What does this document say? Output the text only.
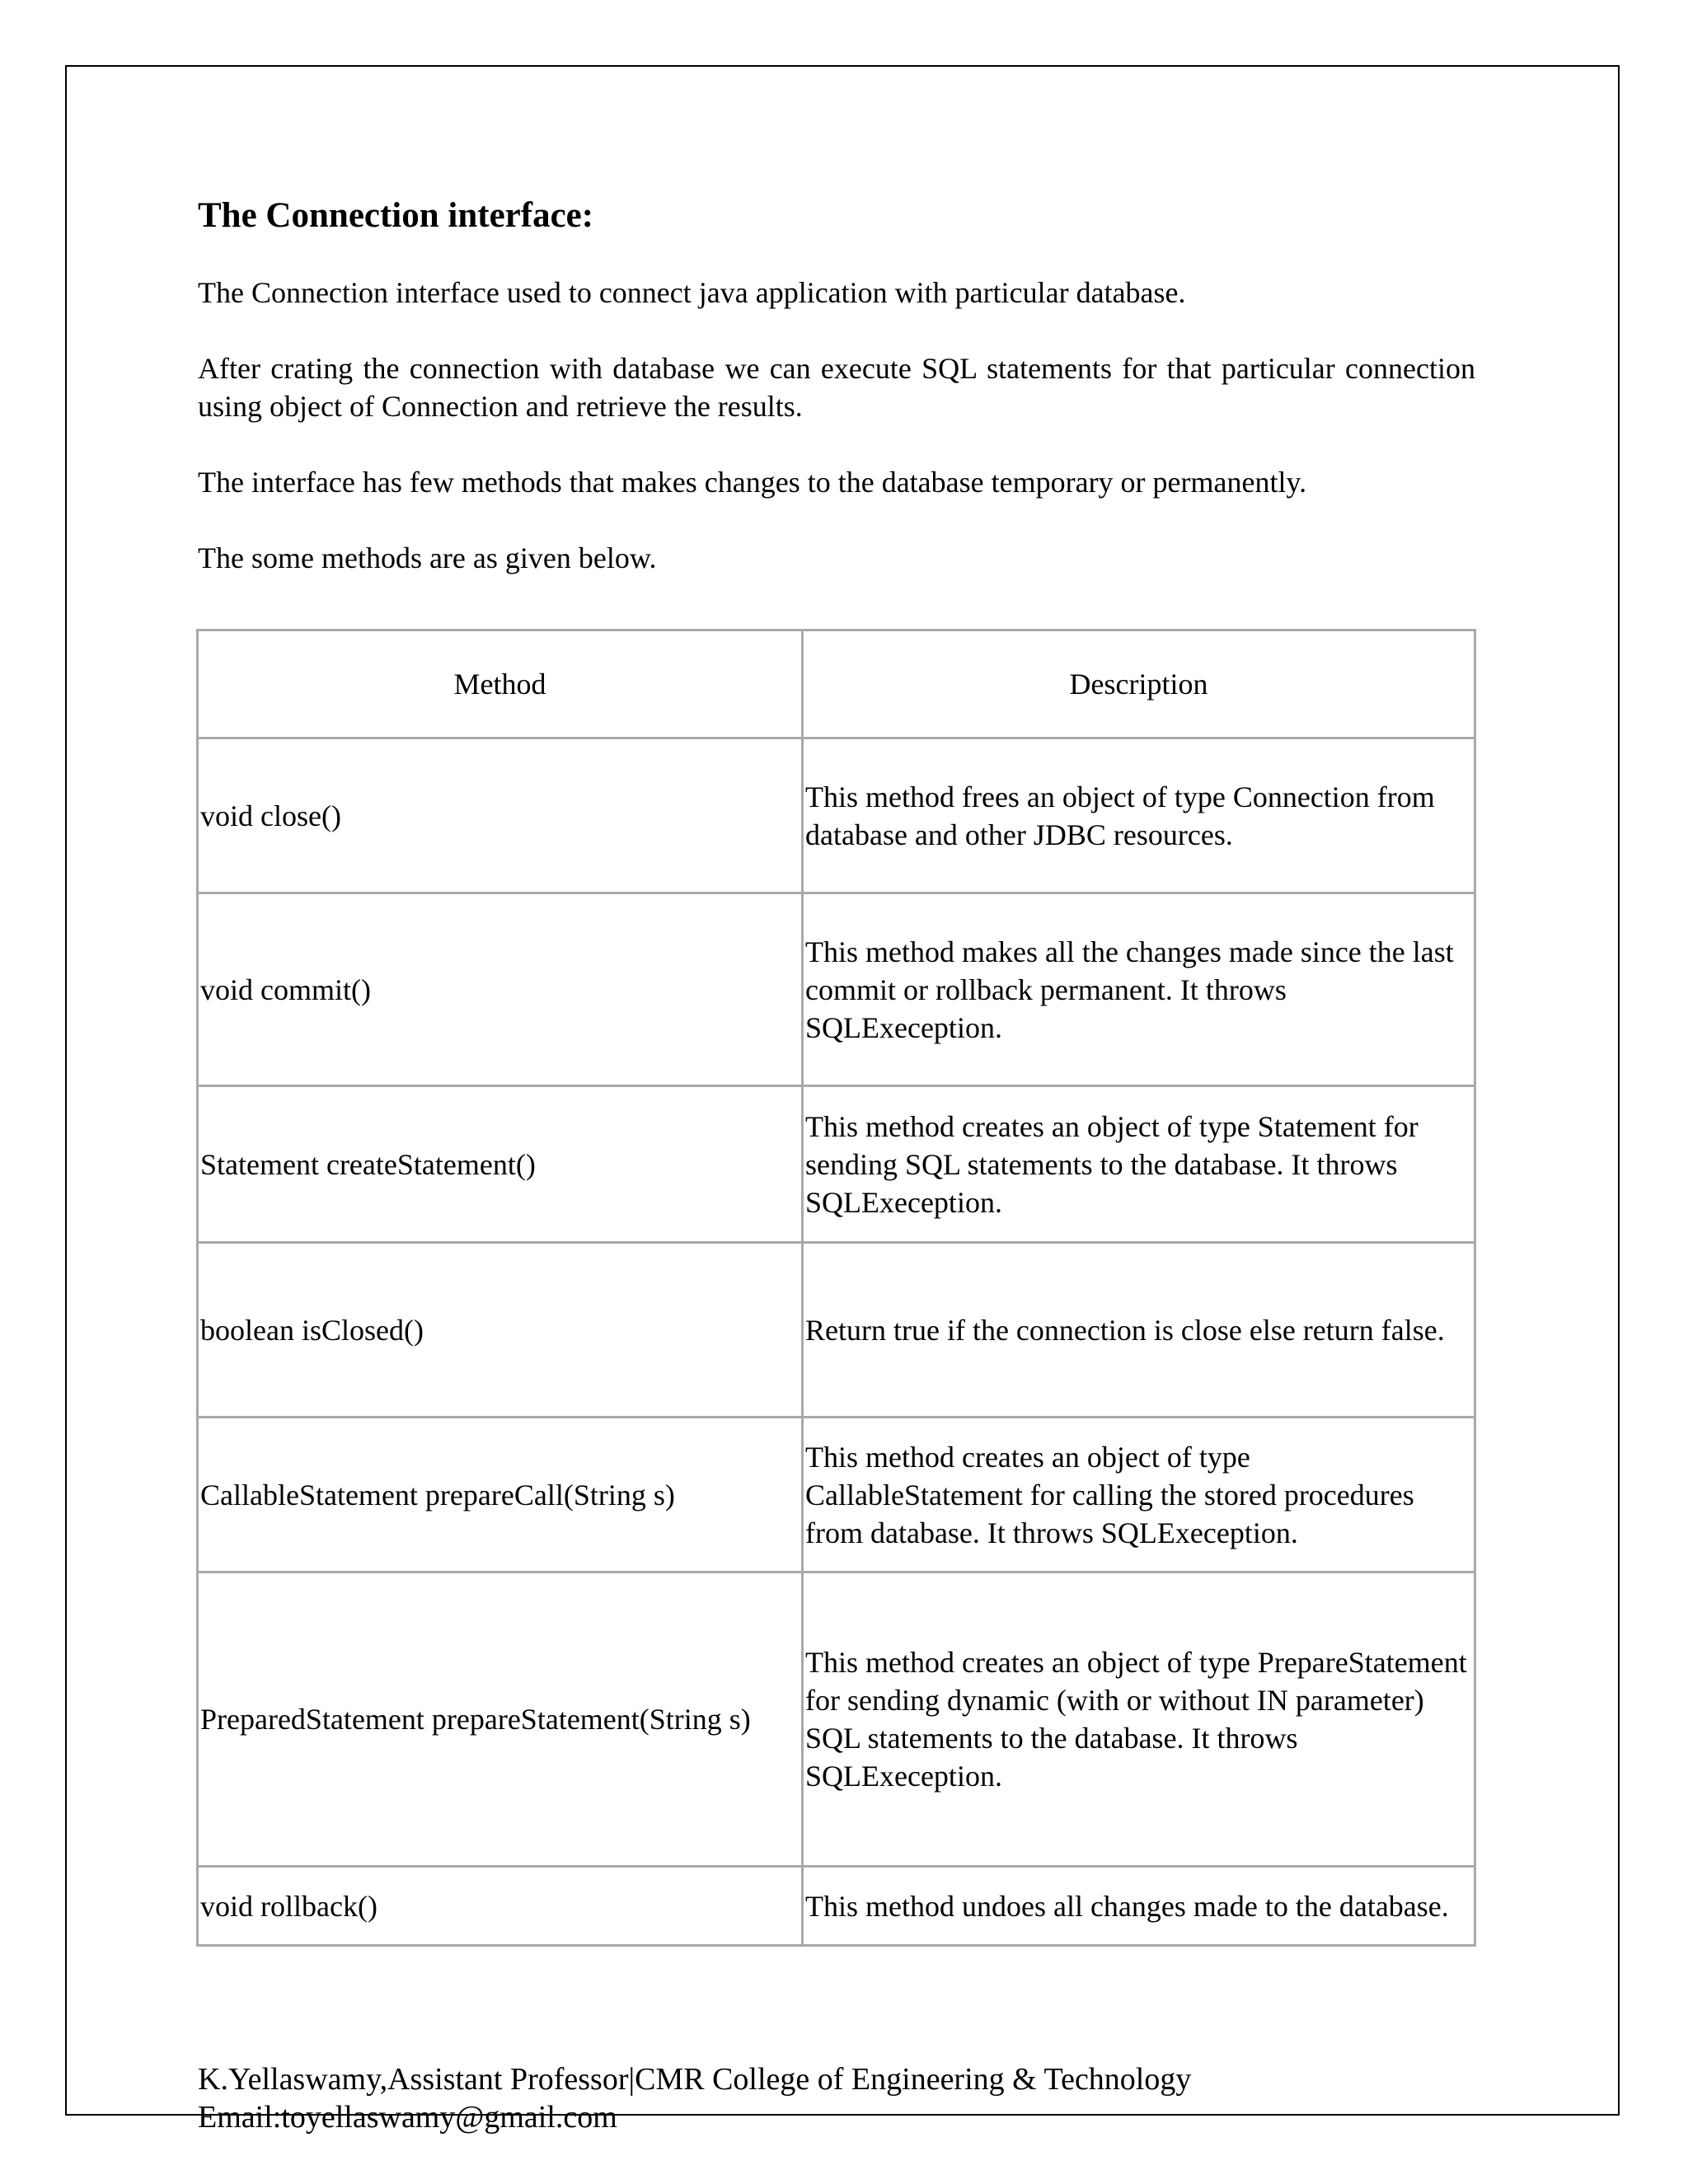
The Connection interface:

The Connection interface used to connect java application with particular database.

After crating the connection with database we can execute SQL statements for that particular connection using object of Connection and retrieve the results.

The interface has few methods that makes changes to the database temporary or permanently.

The some methods are as given below.

Method	Description
void close()	This method frees an object of type Connection from database and other JDBC resources.
void commit()	This method makes all the changes made since the last commit or rollback permanent. It throws SQLExeception.
Statement createStatement()	This method creates an object of type Statement for sending SQL statements to the database. It throws SQLExeception.
boolean isClosed()	Return true if the connection is close else return false.
CallableStatement prepareCall(String s)	This method creates an object of type CallableStatement for calling the stored procedures from database. It throws SQLExeception.
PreparedStatement prepareStatement(String s)	This method creates an object of type PrepareStatement for sending dynamic (with or without IN parameter) SQL statements to the database. It throws SQLExeception.
void rollback()	This method undoes all changes made to the database.
K.Yellaswamy,Assistant Professor|CMR College of Engineering & Technology
Email:toyellaswamy@gmail.com
